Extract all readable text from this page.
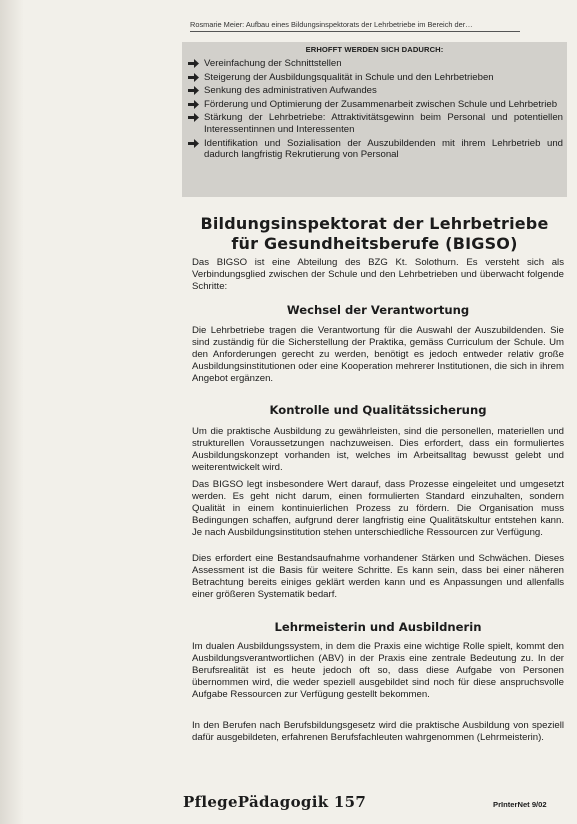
Rosmarie Meier: Aufbau eines Bildungsinspektorats der Lehrbetriebe im Bereich der…
ERHOFFT WERDEN SICH DADURCH:
Vereinfachung der Schnittstellen
Steigerung der Ausbildungsqualität in Schule und den Lehrbetrieben
Senkung des administrativen Aufwandes
Förderung und Optimierung der Zusammenarbeit zwischen Schule und Lehrbetrieb
Stärkung der Lehrbetriebe: Attraktivitätsgewinn beim Personal und potentiellen Interessentinnen und Interessenten
Identifikation und Sozialisation der Auszubildenden mit ihrem Lehrbetrieb und dadurch langfristig Rekrutierung von Personal
Bildungsinspektorat der Lehrbetriebe
für Gesundheitsberufe (BIGSO)

Das BIGSO ist eine Abteilung des BZG Kt. Solothurn. Es versteht sich als Verbindungsglied zwischen der Schule und den Lehrbetrieben und überwacht folgende Schritte:

Wechsel der Verantwortung

Die Lehrbetriebe tragen die Verantwortung für die Auswahl der Auszubildenden. Sie sind zuständig für die Sicherstellung der Praktika, gemäss Curriculum der Schule. Um den Anforderungen gerecht zu werden, benötigt es jedoch entweder relativ große Ausbildungsinstitutionen oder eine Kooperation mehrerer Institutionen, die sich in ihrem Angebot ergänzen.

Kontrolle und Qualitätssicherung

Um die praktische Ausbildung zu gewährleisten, sind die personellen, materiellen und strukturellen Voraussetzungen nachzuweisen. Dies erfordert, dass ein formuliertes Ausbildungskonzept vorhanden ist, welches im Arbeitsalltag bewusst gelebt und weiterentwickelt wird.

Das BIGSO legt insbesondere Wert darauf, dass Prozesse eingeleitet und umgesetzt werden. Es geht nicht darum, einen formulierten Standard einzuhalten, sondern Qualität in einem kontinuierlichen Prozess zu fördern. Die Organisation muss Bedingungen schaffen, aufgrund derer langfristig eine Qualitätskultur entstehen kann. Je nach Ausbildungsinstitution stehen unterschiedliche Ressourcen zur Verfügung.

Dies erfordert eine Bestandsaufnahme vorhandener Stärken und Schwächen. Dieses Assessment ist die Basis für weitere Schritte. Es kann sein, dass bei einer näheren Betrachtung bereits einiges geklärt werden kann und es Anpassungen und allenfalls einer größeren Systematik bedarf.

Lehrmeisterin und Ausbildnerin

Im dualen Ausbildungssystem, in dem die Praxis eine wichtige Rolle spielt, kommt den Ausbildungsverantwortlichen (ABV) in der Praxis eine zentrale Bedeutung zu. In der Berufsrealität ist es heute jedoch oft so, dass diese Aufgabe von Personen übernommen wird, die weder speziell ausgebildet sind noch für diese anspruchsvolle Aufgabe Ressourcen zur Verfügung gestellt bekommen.

In den Berufen nach Berufsbildungsgesetz wird die praktische Ausbildung von speziell dafür ausgebildeten, erfahrenen Berufsfachleuten wahrgenommen (Lehrmeisterin).

PflegePädagogik 157	PrInterNet 9/02
